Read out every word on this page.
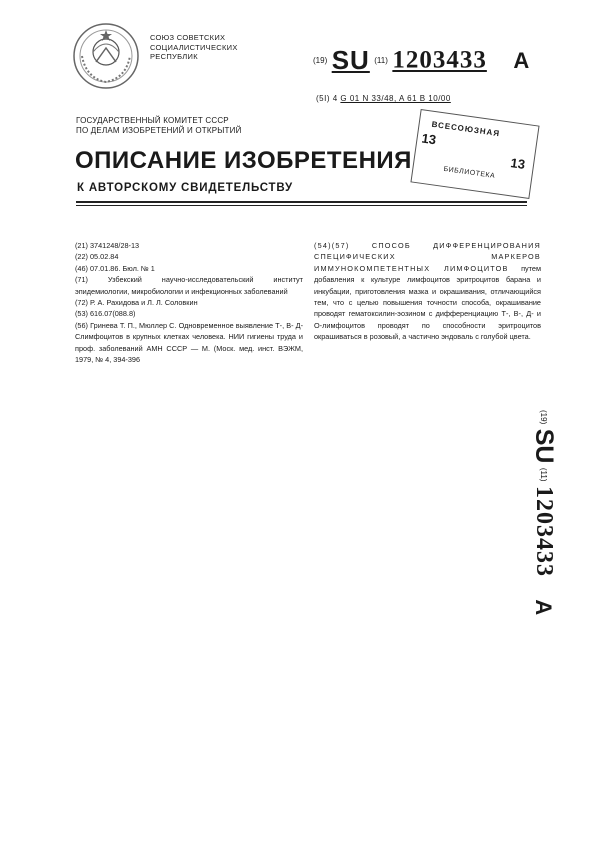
СОЮЗ СОВЕТСКИХ
СОЦИАЛИСТИЧЕСКИХ
РЕСПУБЛИК	(19) SU (11) 1203433 A
(5I) 4 G 01 N 33/48, A 61 B 10/00
ГОСУДАРСТВЕННЫЙ КОМИТЕТ СССР
ПО ДЕЛАМ ИЗОБРЕТЕНИЙ И ОТКРЫТИЙ	ВСЕСОЮЗНАЯ
13
13
БИБЛИОТЕКА
ОПИСАНИЕ ИЗОБРЕТЕНИЯ
К АВТОРСКОМУ СВИДЕТЕЛЬСТВУ

(21) 3741248/28-13

(22) 05.02.84

(46) 07.01.86. Бюл. № 1

(71) Узбекский научно-исследовательский институт эпидемиологии, микробиологии и инфекционных заболеваний

(72) Р. А. Рахидова и Л. Л. Соловкин

(53) 616.07(088.8)

(56) Гринева Т. П., Мюллер С. Одновременное выявление Т-, В- Д-Слимфоцитов в крупных клетках человека. НИИ гигиены труда и проф. заболеваний АМН СССР — М. (Моск. мед. инст. ВЭЖМ, 1979, № 4, 394-396

(54)(57) СПОСОБ ДИФФЕРЕНЦИРОВАНИЯ СПЕЦИФИЧЕСКИХ МАРКЕРОВ ИММУНОКОМПЕТЕНТНЫХ ЛИМФОЦИТОВ путем добавления к культуре лимфоцитов эритроцитов барана и инкубации, приготовления мазка и окрашивания, отличающийся тем, что с целью повышения точности способа, окрашивание проводят гематоксилин-эозином с дифференциацию Т-, В-, Д- и О-лимфоцитов проводят по способности эритроцитов окрашиваться в розовый, а частично эндоваль с голубой цвета.

(19) SU (11) 1203433 A
